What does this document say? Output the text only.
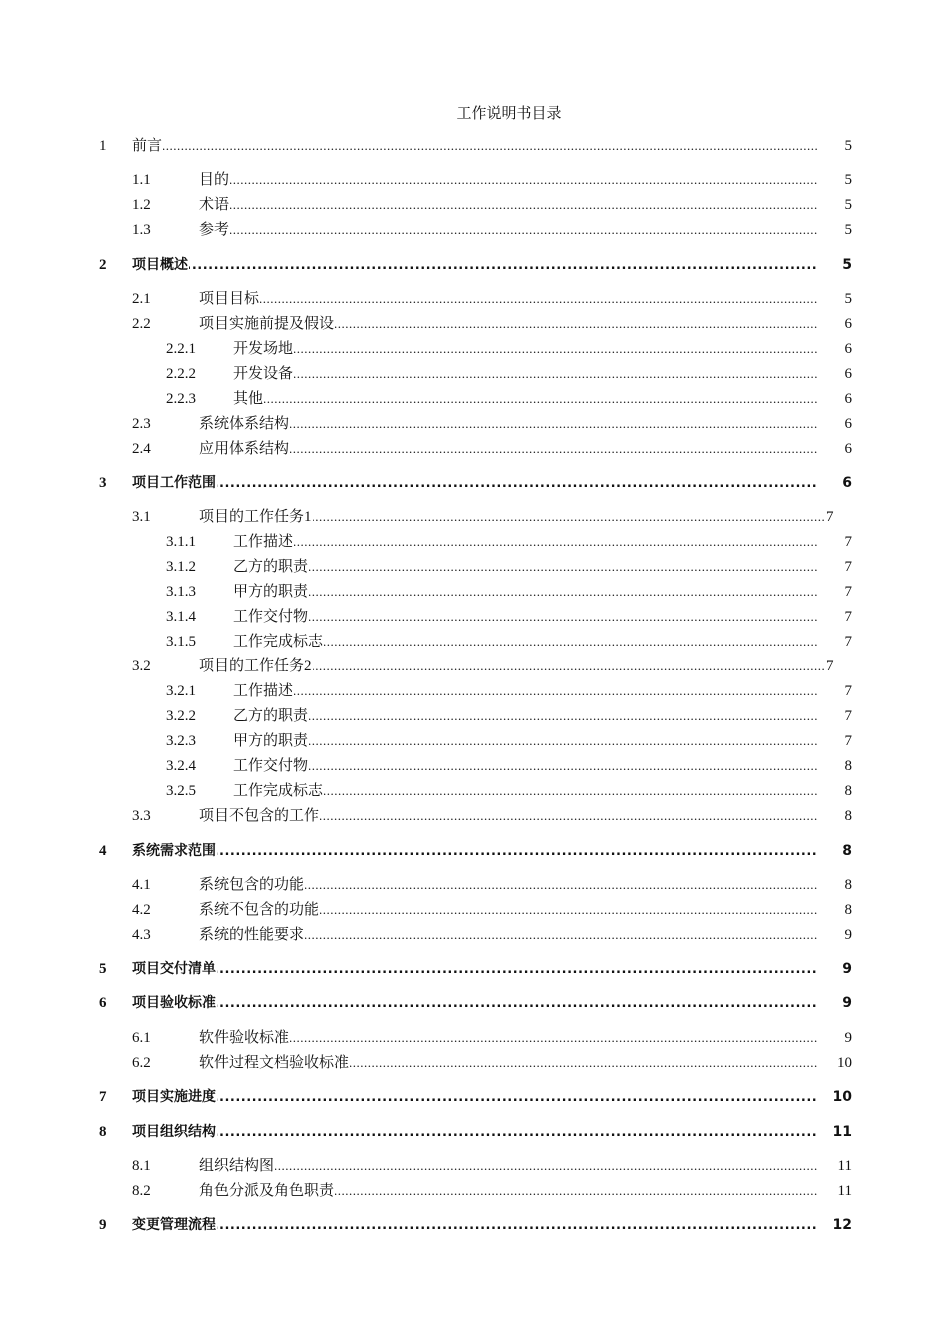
工作说明书目录
1 ..... 前言	5
1.1 .....	目的	5
1.2 .....	术语	5
1.3 .....	参考	5
2 ..... 项目概述	5
2.1 .....	项目目标	5
2.2 .....	项目实施前提及假设	6
2.2.1 ..... 开发场地	6
2.2.2 ..... 开发设备	6
2.2.3 ..... 其他	6
2.3 .....	系统体系结构	6
2.4 .....	应用体系结构	6
3 ..... 项目工作范围	6
3.1 .....	项目的工作任务1	7
3.1.1 ..... 工作描述	7
3.1.2 ..... 乙方的职责	7
3.1.3 ..... 甲方的职责	7
3.1.4 ..... 工作交付物	7
3.1.5 ..... 工作完成标志	7
3.2 .....	项目的工作任务2	7
3.2.1 ..... 工作描述	7
3.2.2 ..... 乙方的职责	7
3.2.3 ..... 甲方的职责	7
3.2.4 ..... 工作交付物	8
3.2.5 ..... 工作完成标志	8
3.3 .....	项目不包含的工作	8
4 ..... 系统需求范围	8
4.1 .....	系统包含的功能	8
4.2 .....	系统不包含的功能	8
4.3 .....	系统的性能要求	9
5 ..... 项目交付清单	9
6 ..... 项目验收标准	9
6.1 .....	软件验收标准	9
6.2 .....	软件过程文档验收标准	10
7 ..... 项目实施进度	10
8 ..... 项目组织结构	11
8.1 .....	组织结构图	11
8.2 .....	角色分派及角色职责	11
9 ..... 变更管理流程	12
